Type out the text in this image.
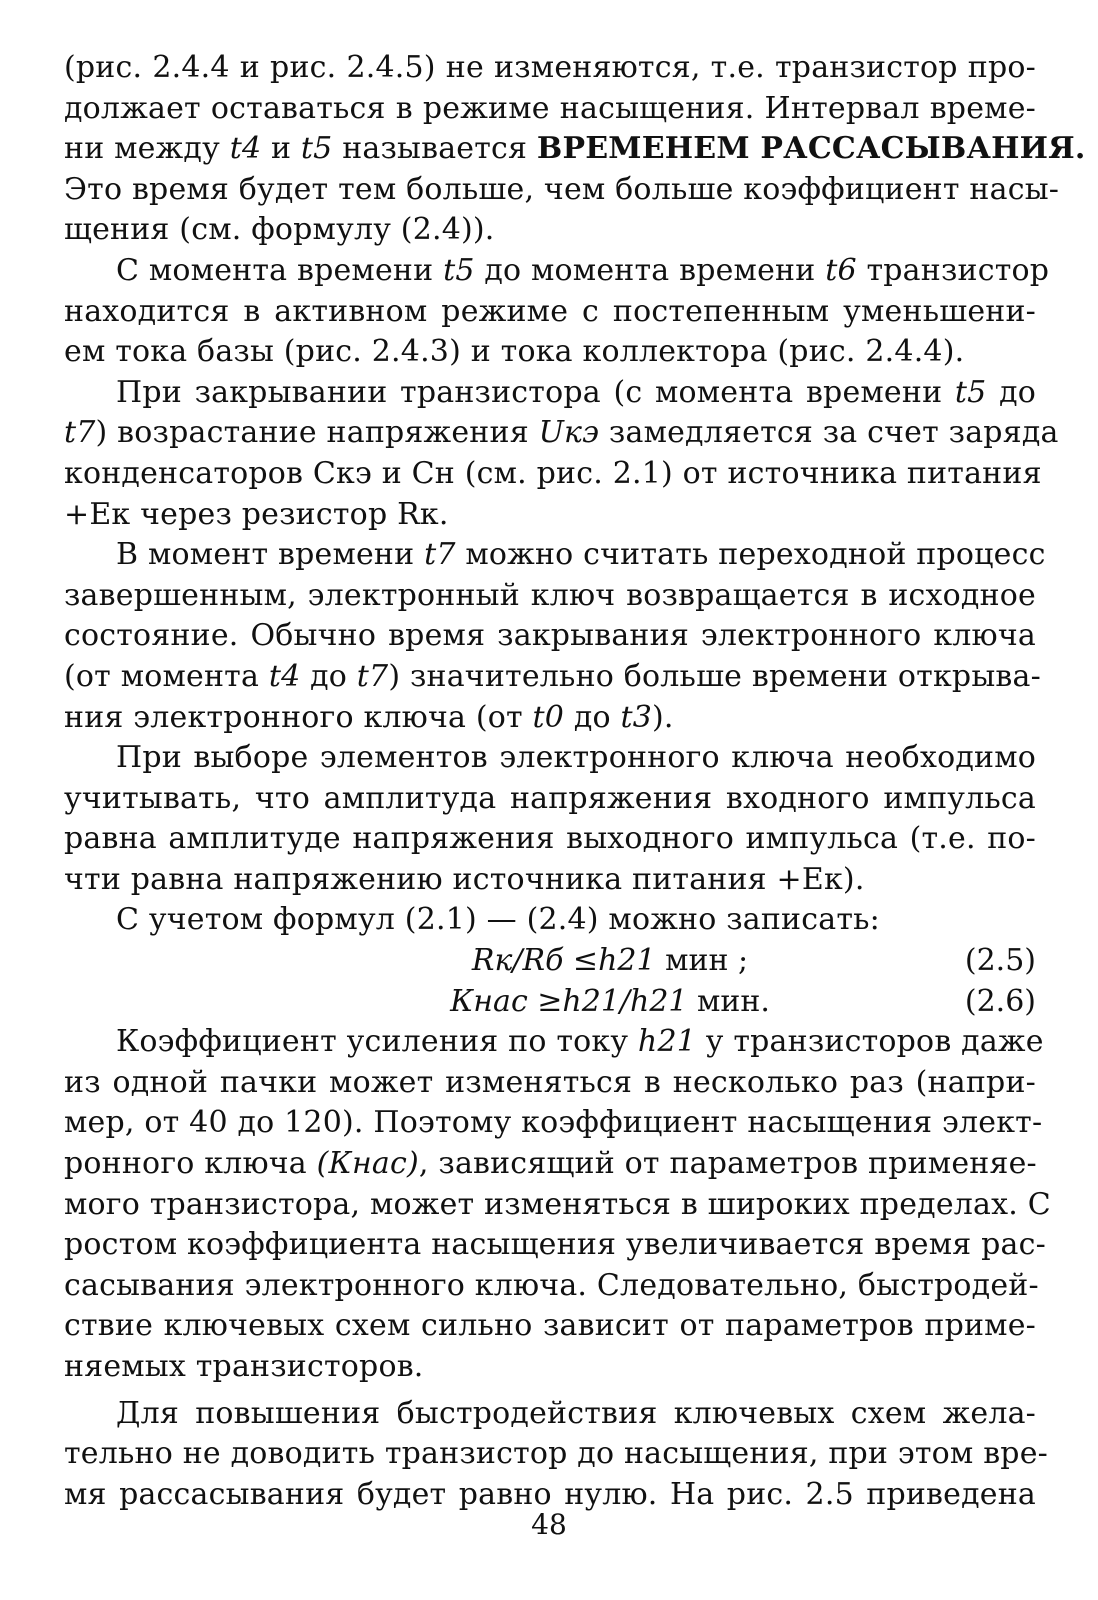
(рис. 2.4.4 и рис. 2.4.5) не изменяются, т.е. транзистор про-
должает оставаться в режиме насыщения. Интервал време-
ни между t4 и t5 называется ВРЕМЕНЕМ РАССАСЫВАНИЯ.
Это время будет тем больше, чем больше коэффициент насы-
щения (см. формулу (2.4)).
С момента времени t5 до момента времени t6 транзистор
находится в активном режиме с постепенным уменьшени-
ем тока базы (рис. 2.4.3) и тока коллектора (рис. 2.4.4).
При закрывании транзистора (с момента времени t5 до
t7) возрастание напряжения Uкэ замедляется за счет заряда
конденсаторов Скэ и Сн (см. рис. 2.1) от источника питания
+Ек через резистор Rк.
В момент времени t7 можно считать переходной процесс
завершенным, электронный ключ возвращается в исходное
состояние. Обычно время закрывания электронного ключа
(от момента t4 до t7) значительно больше времени открыва-
ния электронного ключа (от t0 до t3).
При выборе элементов электронного ключа необходимо
учитывать, что амплитуда напряжения входного импульса
равна амплитуде напряжения выходного импульса (т.е. по-
чти равна напряжению источника питания +Ек).
С учетом формул (2.1) — (2.4) можно записать:
Rк/Rб ≤h21 мин ;	(2.5)
Кнас ≥h21/h21 мин.	(2.6)
Коэффициент усиления по току h21 у транзисторов даже
из одной пачки может изменяться в несколько раз (напри-
мер, от 40 до 120). Поэтому коэффициент насыщения элект-
ронного ключа (Кнас), зависящий от параметров применяе-
мого транзистора, может изменяться в широких пределах. С
ростом коэффициента насыщения увеличивается время рас-
сасывания электронного ключа. Следовательно, быстродей-
ствие ключевых схем сильно зависит от параметров приме-
няемых транзисторов.
Для повышения быстродействия ключевых схем жела-
тельно не доводить транзистор до насыщения, при этом вре-
мя рассасывания будет равно нулю. На рис. 2.5 приведена
48
